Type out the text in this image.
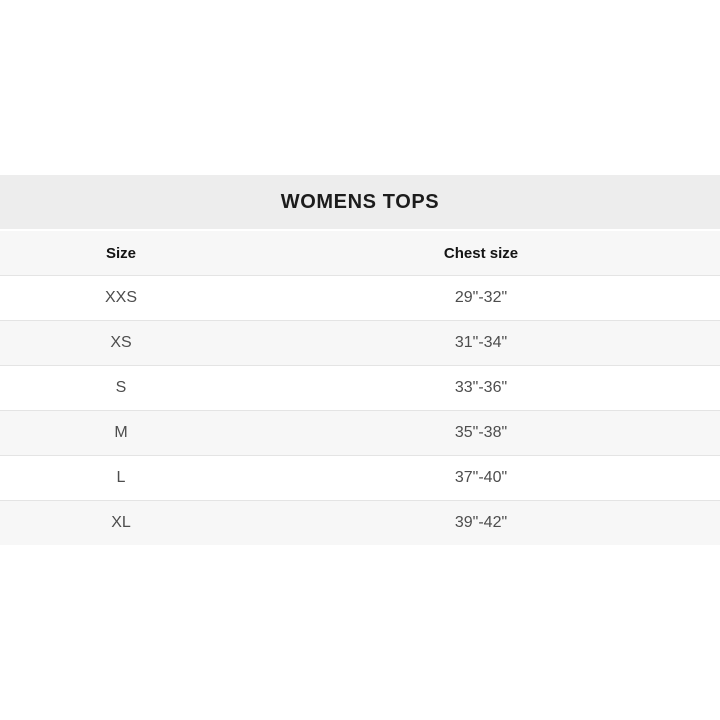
WOMENS TOPS
Size	Chest size
XXS	29"-32"
XS	31"-34"
S	33"-36"
M	35"-38"
L	37"-40"
XL	39"-42"
